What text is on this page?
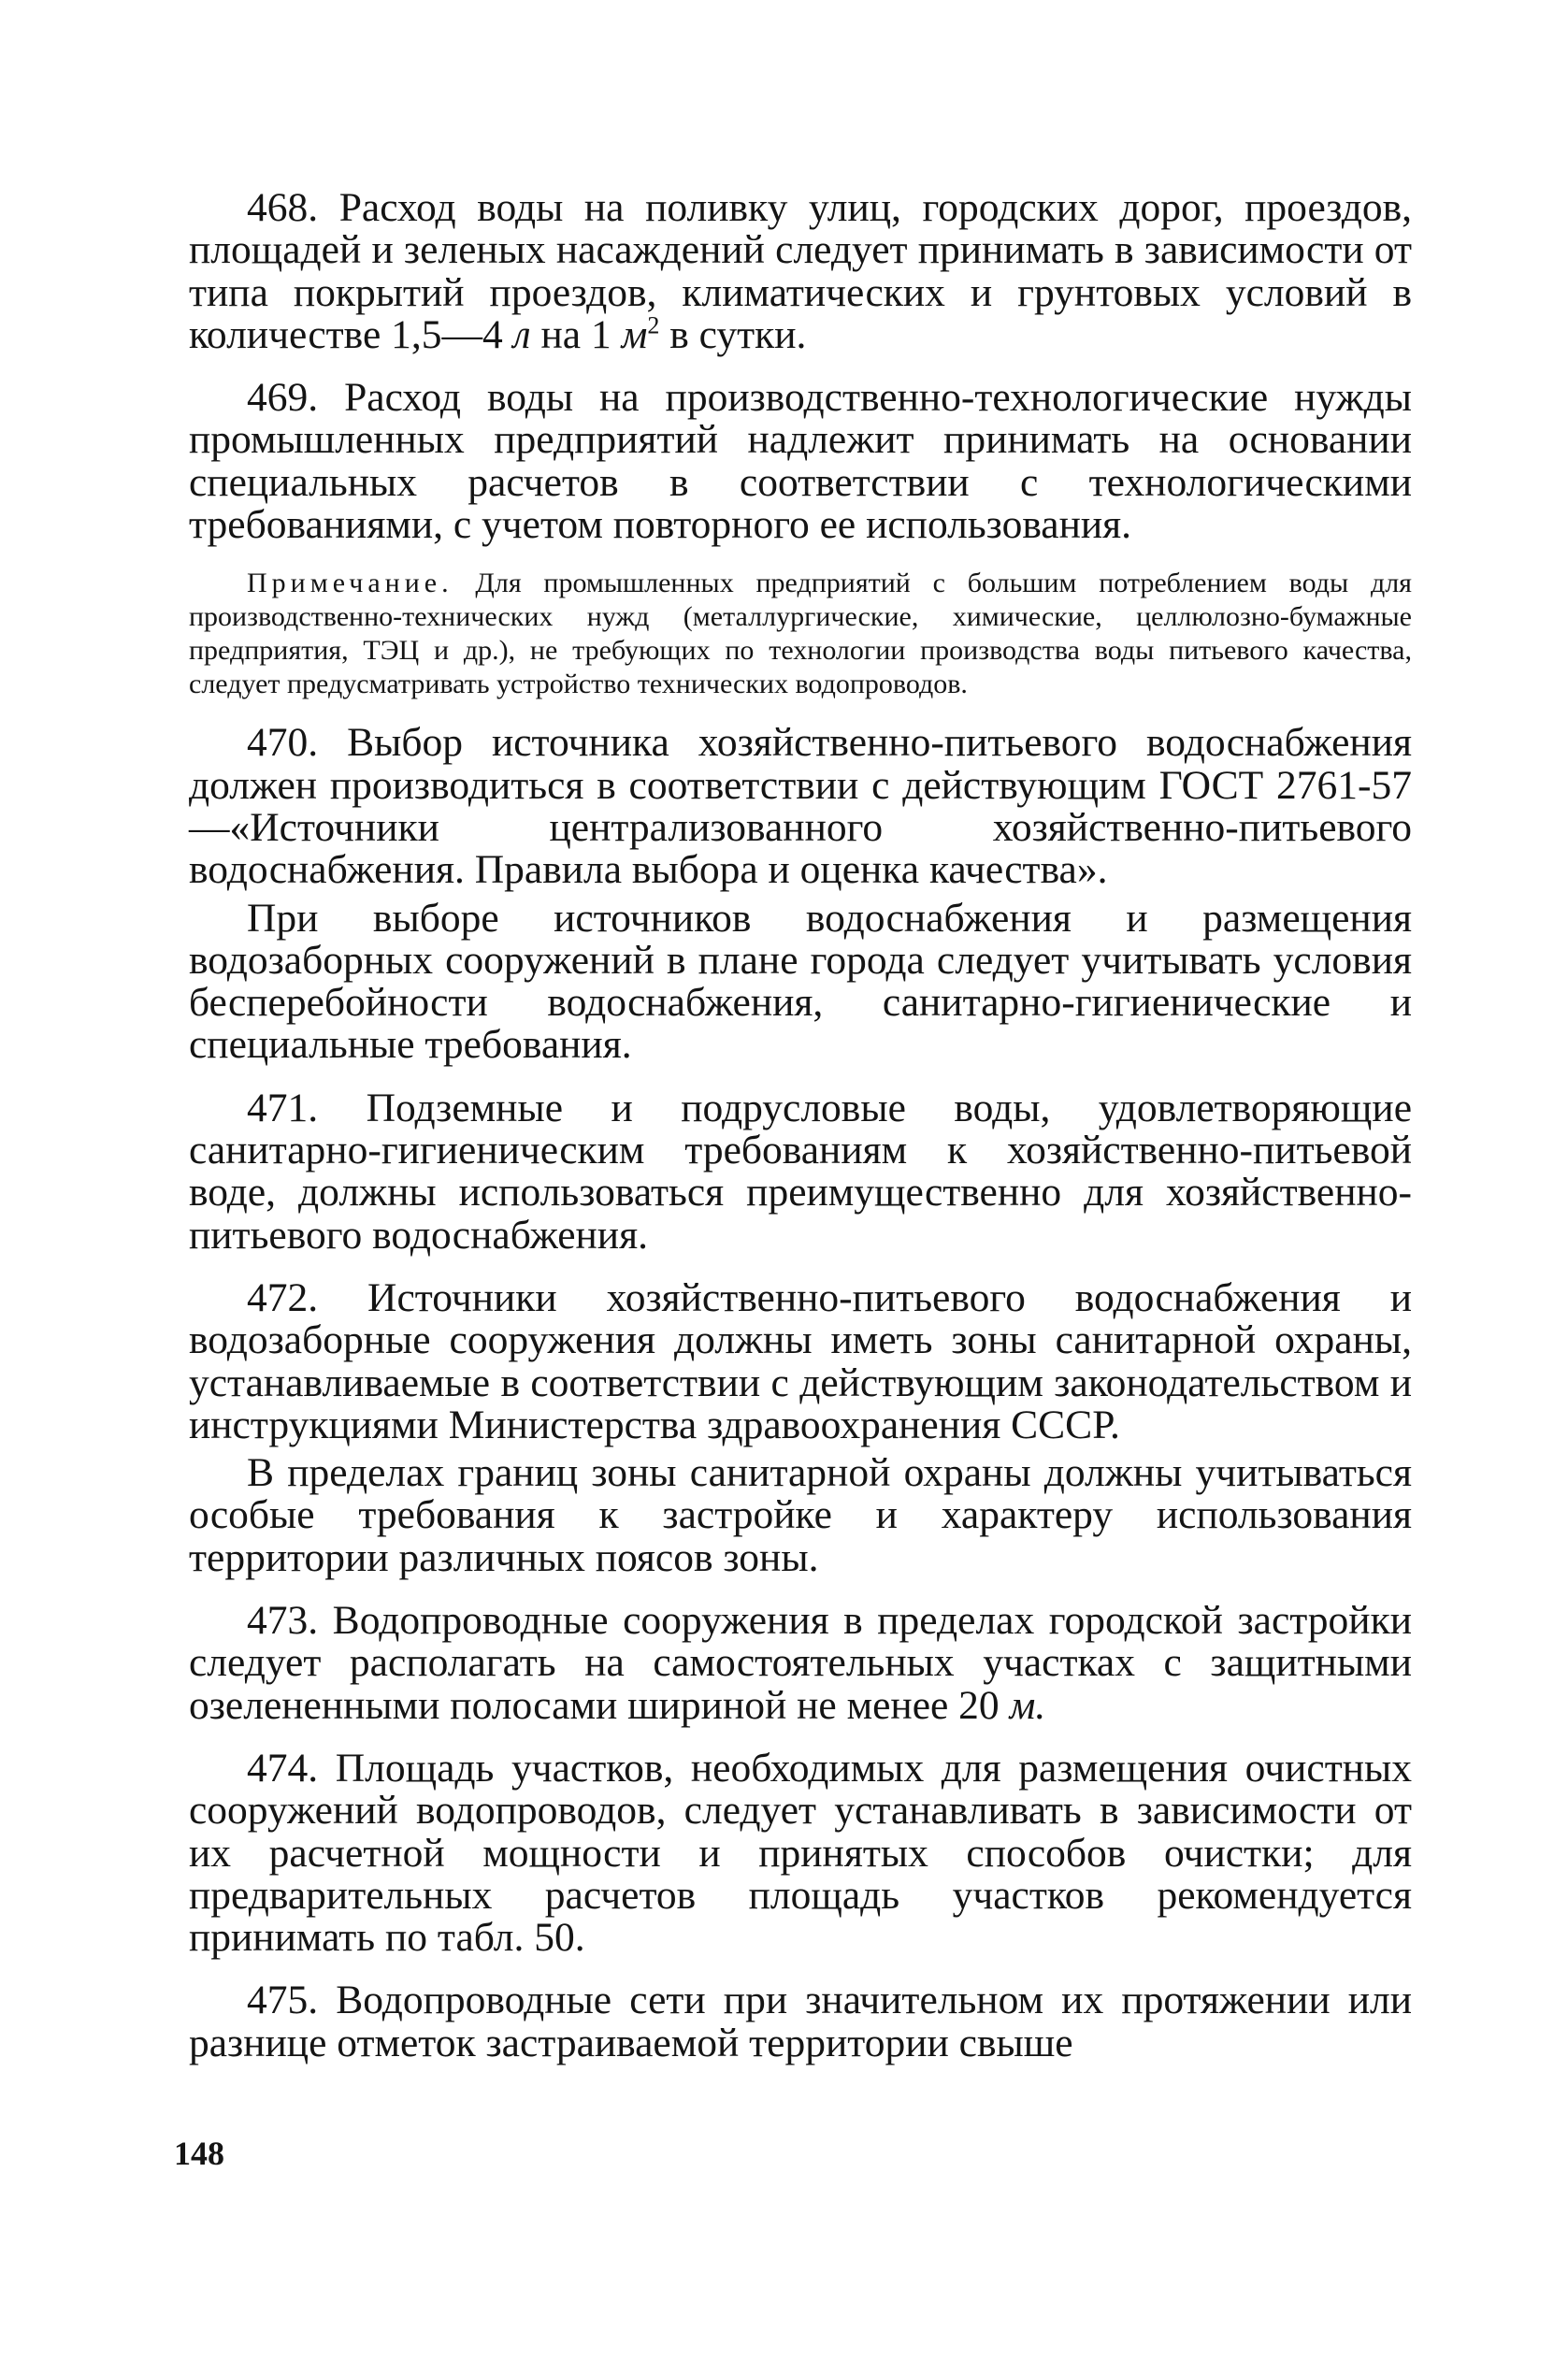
468. Расход воды на поливку улиц, городских дорог, проездов, площадей и зеленых насаждений следует принимать в зависимости от типа покрытий проездов, климатических и грунтовых условий в количестве 1,5—4 л на 1 $м^2$ в сутки.

469. Расход воды на производственно-технологические нужды промышленных предприятий надлежит принимать на основании специальных расчетов в соответствии с технологическими требованиями, с учетом повторного ее использования.

Примечание. Для промышленных предприятий с большим потреблением воды для производственно-технических нужд (металлургические, химические, целлюлозно-бумажные предприятия, ТЭЦ и др.), не требующих по технологии производства воды питьевого качества, следует предусматривать устройство технических водопроводов.

470. Выбор источника хозяйственно-питьевого водоснабжения должен производиться в соответствии с действующим ГОСТ 2761-57—«Источники централизованного хозяйственно-питьевого водоснабжения. Правила выбора и оценка качества».

При выборе источников водоснабжения и размещения водозаборных сооружений в плане города следует учитывать условия бесперебойности водоснабжения, санитарно-гигиенические и специальные требования.

471. Подземные и подрусловые воды, удовлетворяющие санитарно-гигиеническим требованиям к хозяйственно-питьевой воде, должны использоваться преимущественно для хозяйственно-питьевого водоснабжения.

472. Источники хозяйственно-питьевого водоснабжения и водозаборные сооружения должны иметь зоны санитарной охраны, устанавливаемые в соответствии с действующим законодательством и инструкциями Министерства здравоохранения СССР.

В пределах границ зоны санитарной охраны должны учитываться особые требования к застройке и характеру использования территории различных поясов зоны.

473. Водопроводные сооружения в пределах городской застройки следует располагать на самостоятельных участках с защитными озелененными полосами шириной не менее 20 м.

474. Площадь участков, необходимых для размещения очистных сооружений водопроводов, следует устанавливать в зависимости от их расчетной мощности и принятых способов очистки; для предварительных расчетов площадь участков рекомендуется принимать по табл. 50.

475. Водопроводные сети при значительном их протяжении или разнице отметок застраиваемой территории свыше

148
